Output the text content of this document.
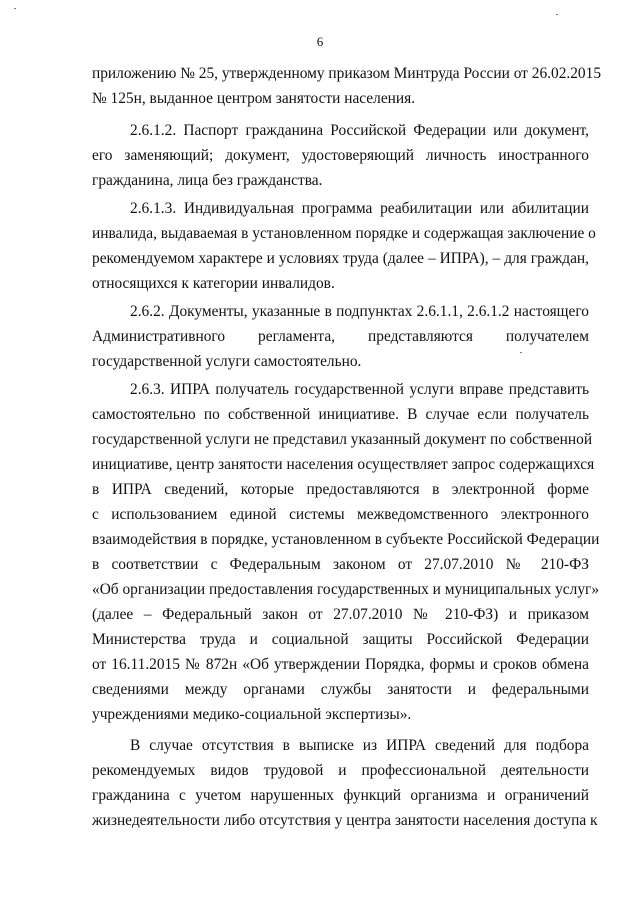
6
приложению № 25, утвержденному приказом Минтруда России от 26.02.2015
№ 125н, выданное центром занятости населения.
2.6.1.2. Паспорт гражданина Российской Федерации или документ,
его заменяющий; документ, удостоверяющий личность иностранного
гражданина, лица без гражданства.
2.6.1.3. Индивидуальная программа реабилитации или абилитации
инвалида, выдаваемая в установленном порядке и содержащая заключение о
рекомендуемом характере и условиях труда (далее – ИПРА), – для граждан,
относящихся к категории инвалидов.
2.6.2. Документы, указанные в подпунктах 2.6.1.1, 2.6.1.2 настоящего
Административного регламента, представляются получателем
государственной услуги самостоятельно.
2.6.3. ИПРА получатель государственной услуги вправе представить
самостоятельно по собственной инициативе. В случае если получатель
государственной услуги не представил указанный документ по собственной
инициативе, центр занятости населения осуществляет запрос содержащихся
в ИПРА сведений, которые предоставляются в электронной форме
с использованием единой системы межведомственного электронного
взаимодействия в порядке, установленном в субъекте Российской Федерации
в соответствии с Федеральным законом от 27.07.2010 № 210-ФЗ
«Об организации предоставления государственных и муниципальных услуг»
(далее – Федеральный закон от 27.07.2010 № 210-ФЗ) и приказом
Министерства труда и социальной защиты Российской Федерации
от 16.11.2015 № 872н «Об утверждении Порядка, формы и сроков обмена
сведениями между органами службы занятости и федеральными
учреждениями медико-социальной экспертизы».
В случае отсутствия в выписке из ИПРА сведений для подбора
рекомендуемых видов трудовой и профессиональной деятельности
гражданина с учетом нарушенных функций организма и ограничений
жизнедеятельности либо отсутствия у центра занятости населения доступа к
